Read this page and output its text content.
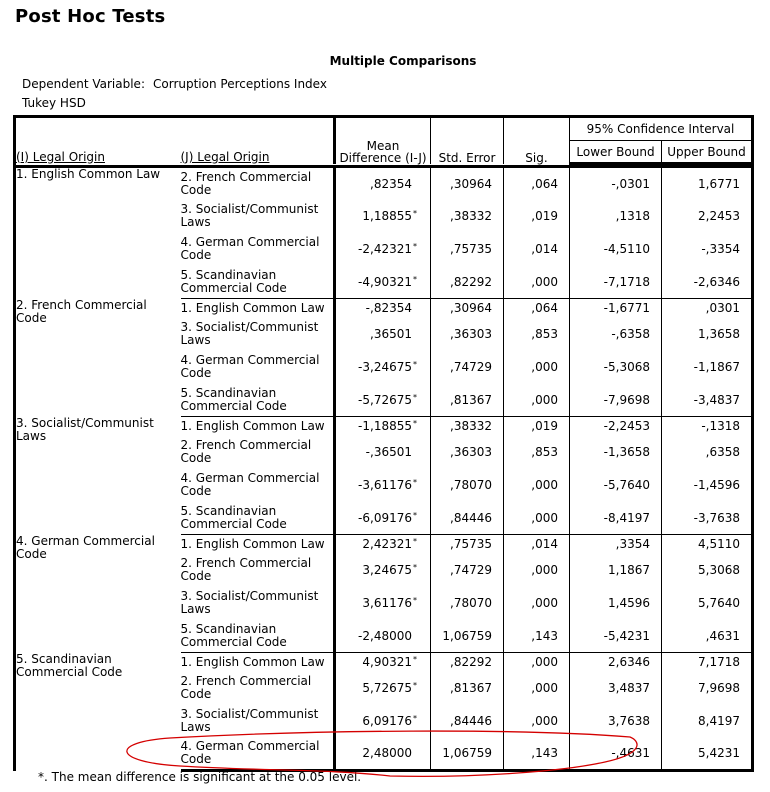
Post Hoc Tests
Multiple Comparisons
Dependent Variable: Corruption Perceptions Index
Tukey HSD
(I) Legal Origin	(J) Legal Origin	Mean Difference (I-J)	Std. Error	Sig.	95% Confidence Interval	
					Lower Bound	Upper Bound

1. English Common Law	2. French Commercial Code	,82354	,30964	,064	-,0301	1,6771
	3. Socialist/Communist Laws	1,18855 *	,38332	,019	,1318	2,2453
	4. German Commercial Code	-2,42321 *	,75735	,014	-4,5110	-,3354
	5. Scandinavian Commercial Code	-4,90321 *	,82292	,000	-7,1718	-2,6346
2. French Commercial Code	1. English Common Law	-,82354	,30964	,064	-1,6771	,0301
	3. Socialist/Communist Laws	,36501	,36303	,853	-,6358	1,3658
	4. German Commercial Code	-3,24675 *	,74729	,000	-5,3068	-1,1867
	5. Scandinavian Commercial Code	-5,72675 *	,81367	,000	-7,9698	-3,4837
3. Socialist/Communist Laws	1. English Common Law	-1,18855 *	,38332	,019	-2,2453	-,1318
	2. French Commercial Code	-,36501	,36303	,853	-1,3658	,6358
	4. German Commercial Code	-3,61176 *	,78070	,000	-5,7640	-1,4596
	5. Scandinavian Commercial Code	-6,09176 *	,84446	,000	-8,4197	-3,7638
4. German Commercial Code	1. English Common Law	2,42321 *	,75735	,014	,3354	4,5110
	2. French Commercial Code	3,24675 *	,74729	,000	1,1867	5,3068
	3. Socialist/Communist Laws	3,61176 *	,78070	,000	1,4596	5,7640
	5. Scandinavian Commercial Code	-2,48000	1,06759	,143	-5,4231	,4631
5. Scandinavian Commercial Code	1. English Common Law	4,90321 *	,82292	,000	2,6346	7,1718
	2. French Commercial Code	5,72675 *	,81367	,000	3,4837	7,9698
	3. Socialist/Communist Laws	6,09176 *	,84446	,000	3,7638	8,4197
	4. German Commercial Code	2,48000	1,06759	,143	-,4631	5,4231
*. The mean difference is significant at the 0.05 level.
